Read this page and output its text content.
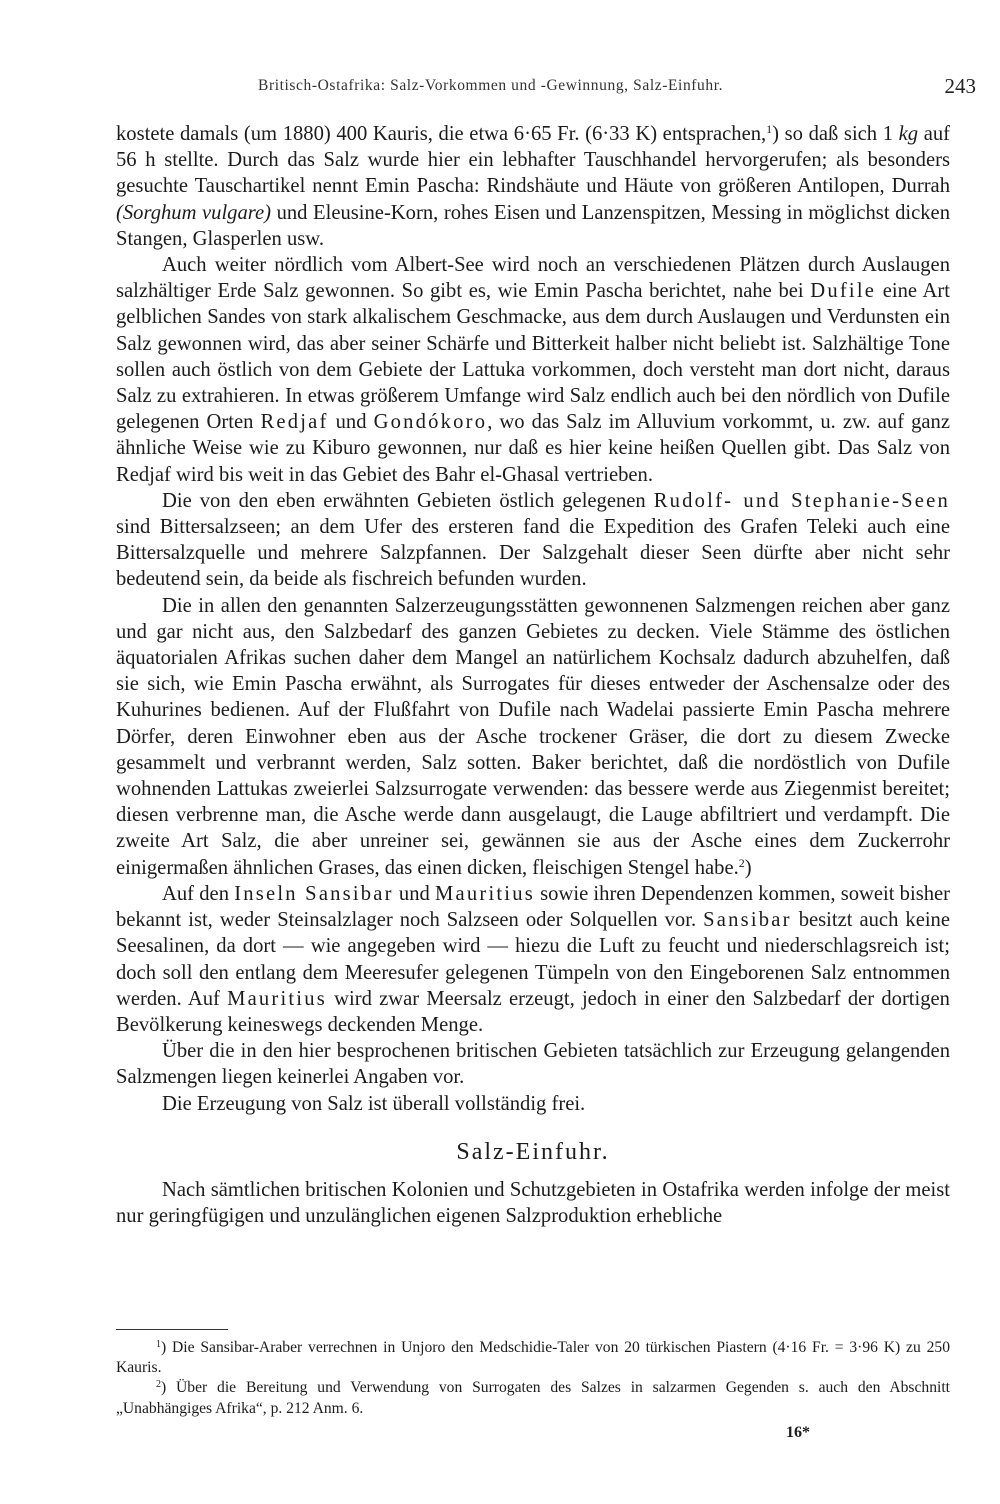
Britisch-Ostafrika: Salz-Vorkommen und -Gewinnung, Salz-Einfuhr.	243

kostete damals (um 1880) 400 Kauris, die etwa 6·65 Fr. (6·33 K) entsprachen,$^1$) so daß sich 1 kg auf 56 h stellte. Durch das Salz wurde hier ein lebhafter Tauschhandel hervorgerufen; als besonders gesuchte Tauschartikel nennt Emin Pascha: Rindshäute und Häute von größeren Antilopen, Durrah (Sorghum vulgare) und Eleusine-Korn, rohes Eisen und Lanzenspitzen, Messing in möglichst dicken Stangen, Glasperlen usw.

Auch weiter nördlich vom Albert-See wird noch an verschiedenen Plätzen durch Auslaugen salzhältiger Erde Salz gewonnen. So gibt es, wie Emin Pascha berichtet, nahe bei Dufile eine Art gelblichen Sandes von stark alkalischem Geschmacke, aus dem durch Auslaugen und Verdunsten ein Salz gewonnen wird, das aber seiner Schärfe und Bitterkeit halber nicht beliebt ist. Salzhältige Tone sollen auch östlich von dem Gebiete der Lattuka vorkommen, doch versteht man dort nicht, daraus Salz zu extrahieren. In etwas größerem Umfange wird Salz endlich auch bei den nördlich von Dufile gelegenen Orten Redjaf und Gondókoro, wo das Salz im Alluvium vorkommt, u. zw. auf ganz ähnliche Weise wie zu Kiburo gewonnen, nur daß es hier keine heißen Quellen gibt. Das Salz von Redjaf wird bis weit in das Gebiet des Bahr el-Ghasal vertrieben.

Die von den eben erwähnten Gebieten östlich gelegenen Rudolf- und Stephanie-Seen sind Bittersalzseen; an dem Ufer des ersteren fand die Expedition des Grafen Teleki auch eine Bittersalzquelle und mehrere Salzpfannen. Der Salzgehalt dieser Seen dürfte aber nicht sehr bedeutend sein, da beide als fischreich befunden wurden.

Die in allen den genannten Salzerzeugungsstätten gewonnenen Salzmengen reichen aber ganz und gar nicht aus, den Salzbedarf des ganzen Gebietes zu decken. Viele Stämme des östlichen äquatorialen Afrikas suchen daher dem Mangel an natürlichem Kochsalz dadurch abzuhelfen, daß sie sich, wie Emin Pascha erwähnt, als Surrogates für dieses entweder der Aschensalze oder des Kuhurines bedienen. Auf der Flußfahrt von Dufile nach Wadelai passierte Emin Pascha mehrere Dörfer, deren Einwohner eben aus der Asche trockener Gräser, die dort zu diesem Zwecke gesammelt und verbrannt werden, Salz sotten. Baker berichtet, daß die nordöstlich von Dufile wohnenden Lattukas zweierlei Salzsurrogate verwenden: das bessere werde aus Ziegenmist bereitet; diesen verbrenne man, die Asche werde dann ausgelaugt, die Lauge abfiltriert und verdampft. Die zweite Art Salz, die aber unreiner sei, gewännen sie aus der Asche eines dem Zuckerrohr einigermaßen ähnlichen Grases, das einen dicken, fleischigen Stengel habe.$^2$)

Auf den Inseln Sansibar und Mauritius sowie ihren Dependenzen kommen, soweit bisher bekannt ist, weder Steinsalzlager noch Salzseen oder Solquellen vor. Sansibar besitzt auch keine Seesalinen, da dort — wie angegeben wird — hiezu die Luft zu feucht und niederschlagsreich ist; doch soll den entlang dem Meeresufer gelegenen Tümpeln von den Eingeborenen Salz entnommen werden. Auf Mauritius wird zwar Meersalz erzeugt, jedoch in einer den Salzbedarf der dortigen Bevölkerung keineswegs deckenden Menge.

Über die in den hier besprochenen britischen Gebieten tatsächlich zur Erzeugung gelangenden Salzmengen liegen keinerlei Angaben vor.

Die Erzeugung von Salz ist überall vollständig frei.

Salz-Einfuhr.

Nach sämtlichen britischen Kolonien und Schutzgebieten in Ostafrika werden infolge der meist nur geringfügigen und unzulänglichen eigenen Salzproduktion erhebliche

$^1$) Die Sansibar-Araber verrechnen in Unjoro den Medschidie-Taler von 20 türkischen Piastern (4·16 Fr. = 3·96 K) zu 250 Kauris.

$^2$) Über die Bereitung und Verwendung von Surrogaten des Salzes in salzarmen Gegenden s. auch den Abschnitt „Unabhängiges Afrika“, p. 212 Anm. 6.

16*
